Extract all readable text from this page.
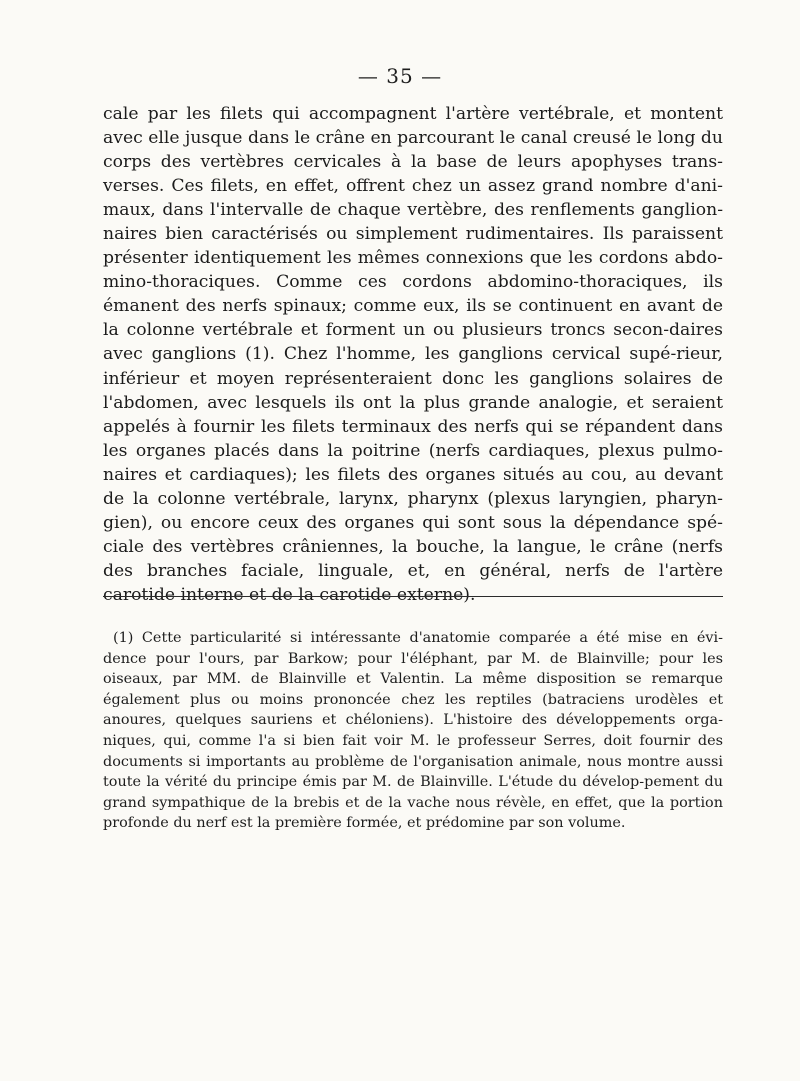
— 35 —

cale par les filets qui accompagnent l'artère vertébrale, et montent avec elle jusque dans le crâne en parcourant le canal creusé le long du corps des vertèbres cervicales à la base de leurs apophyses trans-verses. Ces filets, en effet, offrent chez un assez grand nombre d'ani-maux, dans l'intervalle de chaque vertèbre, des renflements ganglion-naires bien caractérisés ou simplement rudimentaires. Ils paraissent présenter identiquement les mêmes connexions que les cordons abdo-mino-thoraciques. Comme ces cordons abdomino-thoraciques, ils émanent des nerfs spinaux; comme eux, ils se continuent en avant de la colonne vertébrale et forment un ou plusieurs troncs secon-daires avec ganglions (1). Chez l'homme, les ganglions cervical supé-rieur, inférieur et moyen représenteraient donc les ganglions solaires de l'abdomen, avec lesquels ils ont la plus grande analogie, et seraient appelés à fournir les filets terminaux des nerfs qui se répandent dans les organes placés dans la poitrine (nerfs cardiaques, plexus pulmo-naires et cardiaques); les filets des organes situés au cou, au devant de la colonne vertébrale, larynx, pharynx (plexus laryngien, pharyn-gien), ou encore ceux des organes qui sont sous la dépendance spé-ciale des vertèbres crâniennes, la bouche, la langue, le crâne (nerfs des branches faciale, linguale, et, en général, nerfs de l'artère carotide interne et de la carotide externe).

(1) Cette particularité si intéressante d'anatomie comparée a été mise en évi-dence pour l'ours, par Barkow; pour l'éléphant, par M. de Blainville; pour les oiseaux, par MM. de Blainville et Valentin. La même disposition se remarque également plus ou moins prononcée chez les reptiles (batraciens urodèles et anoures, quelques sauriens et chéloniens). L'histoire des développements orga-niques, qui, comme l'a si bien fait voir M. le professeur Serres, doit fournir des documents si importants au problème de l'organisation animale, nous montre aussi toute la vérité du principe émis par M. de Blainville. L'étude du dévelop-pement du grand sympathique de la brebis et de la vache nous révèle, en effet, que la portion profonde du nerf est la première formée, et prédomine par son volume.
